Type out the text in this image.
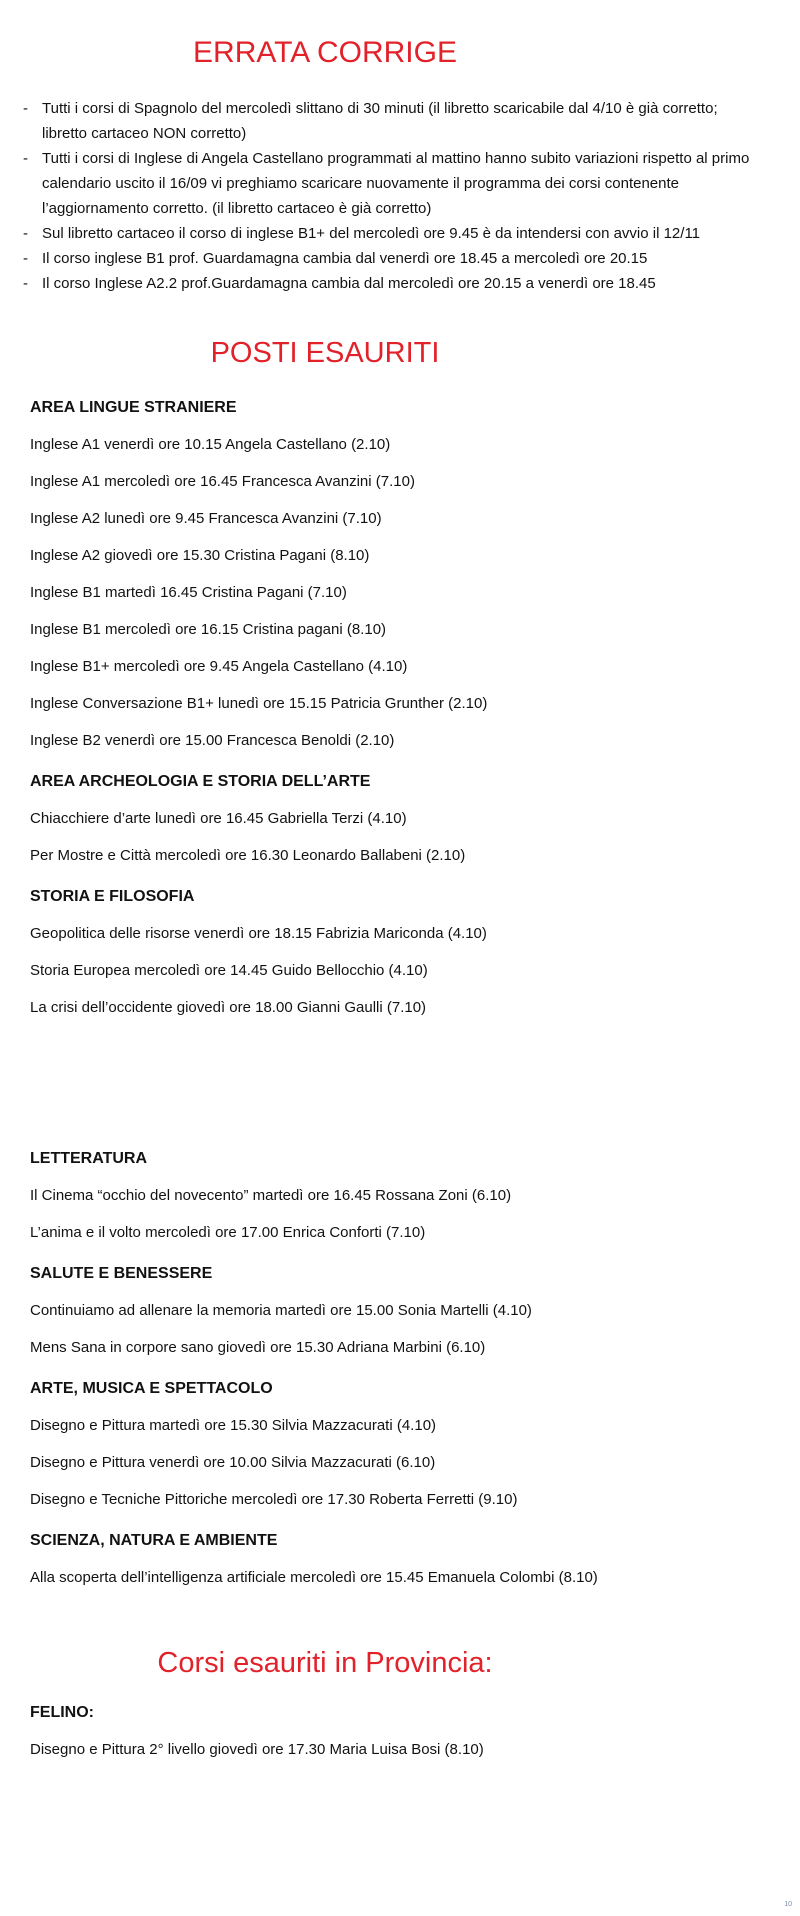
ERRATA CORRIGE
- Tutti i corsi di Spagnolo del mercoledì slittano di 30 minuti (il libretto scaricabile dal 4/10 è già corretto; libretto cartaceo NON corretto)
- Tutti i corsi di Inglese di Angela Castellano programmati al mattino hanno subito variazioni rispetto al primo calendario uscito il 16/09 vi preghiamo scaricare nuovamente il programma dei corsi contenente l’aggiornamento corretto. (il libretto cartaceo è già corretto)
- Sul libretto cartaceo il corso di inglese B1+ del mercoledì ore 9.45 è da intendersi con avvio il 12/11
- Il corso inglese B1 prof. Guardamagna cambia dal venerdì ore 18.45 a mercoledì ore 20.15
- Il corso Inglese A2.2 prof.Guardamagna cambia dal mercoledì ore 20.15 a venerdì ore 18.45
POSTI ESAURITI
AREA LINGUE STRANIERE

Inglese A1 venerdì ore 10.15 Angela Castellano (2.10)

Inglese A1 mercoledì ore 16.45 Francesca Avanzini (7.10)

Inglese A2 lunedì ore 9.45 Francesca Avanzini (7.10)

Inglese A2 giovedì ore 15.30 Cristina Pagani (8.10)

Inglese B1 martedì 16.45 Cristina Pagani (7.10)

Inglese B1 mercoledì ore 16.15 Cristina pagani (8.10)

Inglese B1+ mercoledì ore 9.45 Angela Castellano (4.10)

Inglese Conversazione B1+ lunedì ore 15.15 Patricia Grunther (2.10)

Inglese B2 venerdì ore 15.00 Francesca Benoldi (2.10)

AREA ARCHEOLOGIA E STORIA DELL’ARTE

Chiacchiere d’arte lunedì ore 16.45 Gabriella Terzi (4.10)

Per Mostre e Città mercoledì ore 16.30 Leonardo Ballabeni (2.10)

STORIA E FILOSOFIA

Geopolitica delle risorse venerdì ore 18.15 Fabrizia Mariconda (4.10)

Storia Europea mercoledì ore 14.45 Guido Bellocchio (4.10)

La crisi dell’occidente giovedì ore 18.00 Gianni Gaulli (7.10)

LETTERATURA

Il Cinema “occhio del novecento” martedì ore 16.45 Rossana Zoni (6.10)

L’anima e il volto mercoledì ore 17.00 Enrica Conforti (7.10)

SALUTE E BENESSERE

Continuiamo ad allenare la memoria martedì ore 15.00 Sonia Martelli (4.10)

Mens Sana in corpore sano giovedì ore 15.30 Adriana Marbini (6.10)

ARTE, MUSICA E SPETTACOLO

Disegno e Pittura martedì ore 15.30 Silvia Mazzacurati (4.10)

Disegno e Pittura venerdì ore 10.00 Silvia Mazzacurati (6.10)

Disegno e Tecniche Pittoriche mercoledì ore 17.30 Roberta Ferretti (9.10)

SCIENZA, NATURA E AMBIENTE

Alla scoperta dell’intelligenza artificiale mercoledì ore 15.45 Emanuela Colombi (8.10)

Corsi esauriti in Provincia:
FELINO:

Disegno e Pittura 2° livello giovedì ore 17.30 Maria Luisa Bosi (8.10)

10
